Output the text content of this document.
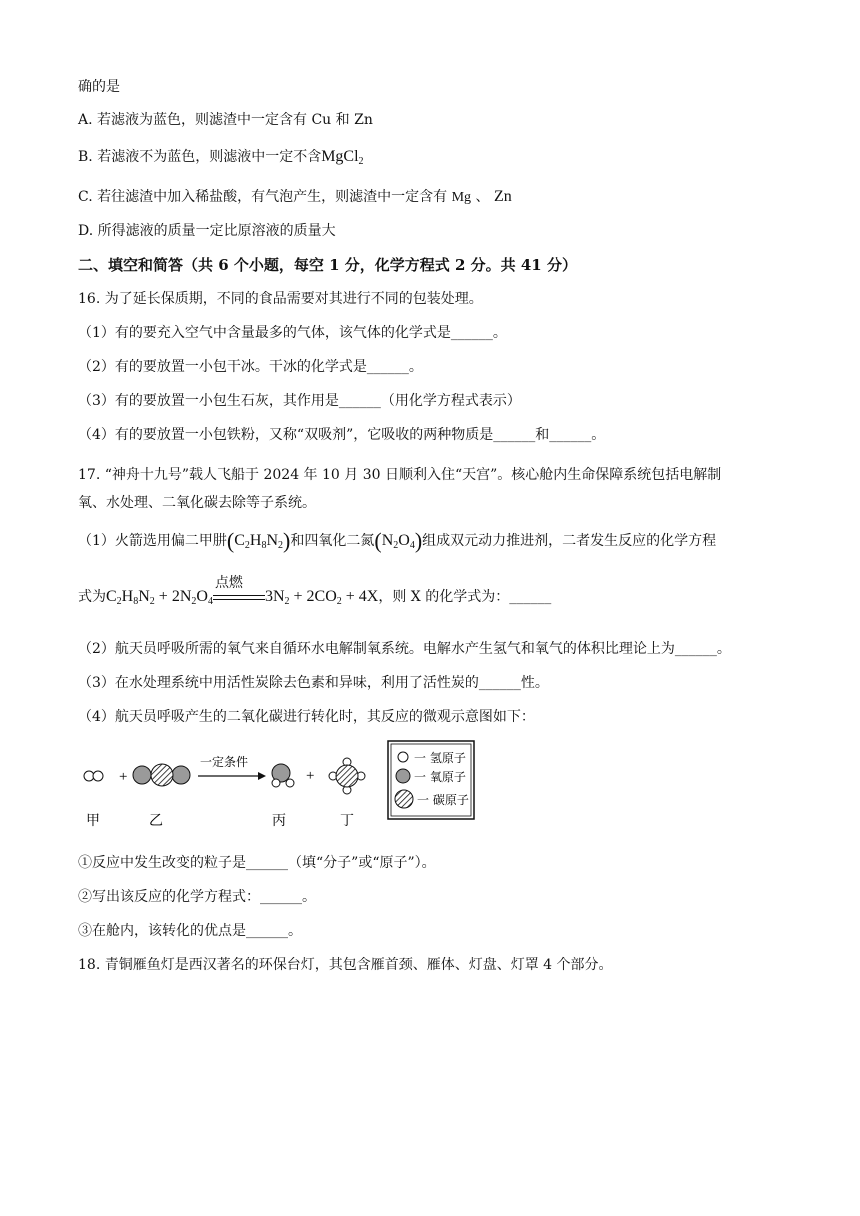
确的是
A. 若滤液为蓝色，则滤渣中一定含有 Cu 和 Zn
B. 若滤液不为蓝色，则滤液中一定不含MgCl$_2$
C. 若往滤渣中加入稀盐酸，有气泡产生，则滤渣中一定含有 Mg 、 Zn
D. 所得滤液的质量一定比原溶液的质量大
二、填空和简答（共 6 个小题，每空 1 分，化学方程式 2 分。共 41 分）
16. 为了延长保质期，不同的食品需要对其进行不同的包装处理。
（1）有的要充入空气中含量最多的气体，该气体的化学式是______。
（2）有的要放置一小包干冰。干冰的化学式是______。
（3）有的要放置一小包生石灰，其作用是______（用化学方程式表示）
（4）有的要放置一小包铁粉，又称“双吸剂”，它吸收的两种物质是______和______。
17. “神舟十九号”载人飞船于 2024 年 10 月 30 日顺利入住“天宫”。核心舱内生命保障系统包括电解制
氧、水处理、二氧化碳去除等子系统。
（1）火箭选用偏二甲肼$(C_2H_8N_2)$和四氧化二氮$(N_2O_4)$组成双元动力推进剂，二者发生反应的化学方程
式为$C_2H_8N_2 + 2N_2O_4$
点燃
$3N_2 + 2CO_2 + 4X$，则 X 的化学式为：______
（2）航天员呼吸所需的氧气来自循环水电解制氧系统。电解水产生氢气和氧气的体积比理论上为______。
（3）在水处理系统中用活性炭除去色素和异味，利用了活性炭的______性。
（4）航天员呼吸产生的二氧化碳进行转化时，其反应的微观示意图如下：
+
一定条件
+
甲	乙	丙	丁
一 氢原子
一 氧原子
一 碳原子
①反应中发生改变的粒子是______（填“分子”或“原子”）。
②写出该反应的化学方程式：______。
③在舱内，该转化的优点是______。
18. 青铜雁鱼灯是西汉著名的环保台灯，其包含雁首颈、雁体、灯盘、灯罩 4 个部分。
